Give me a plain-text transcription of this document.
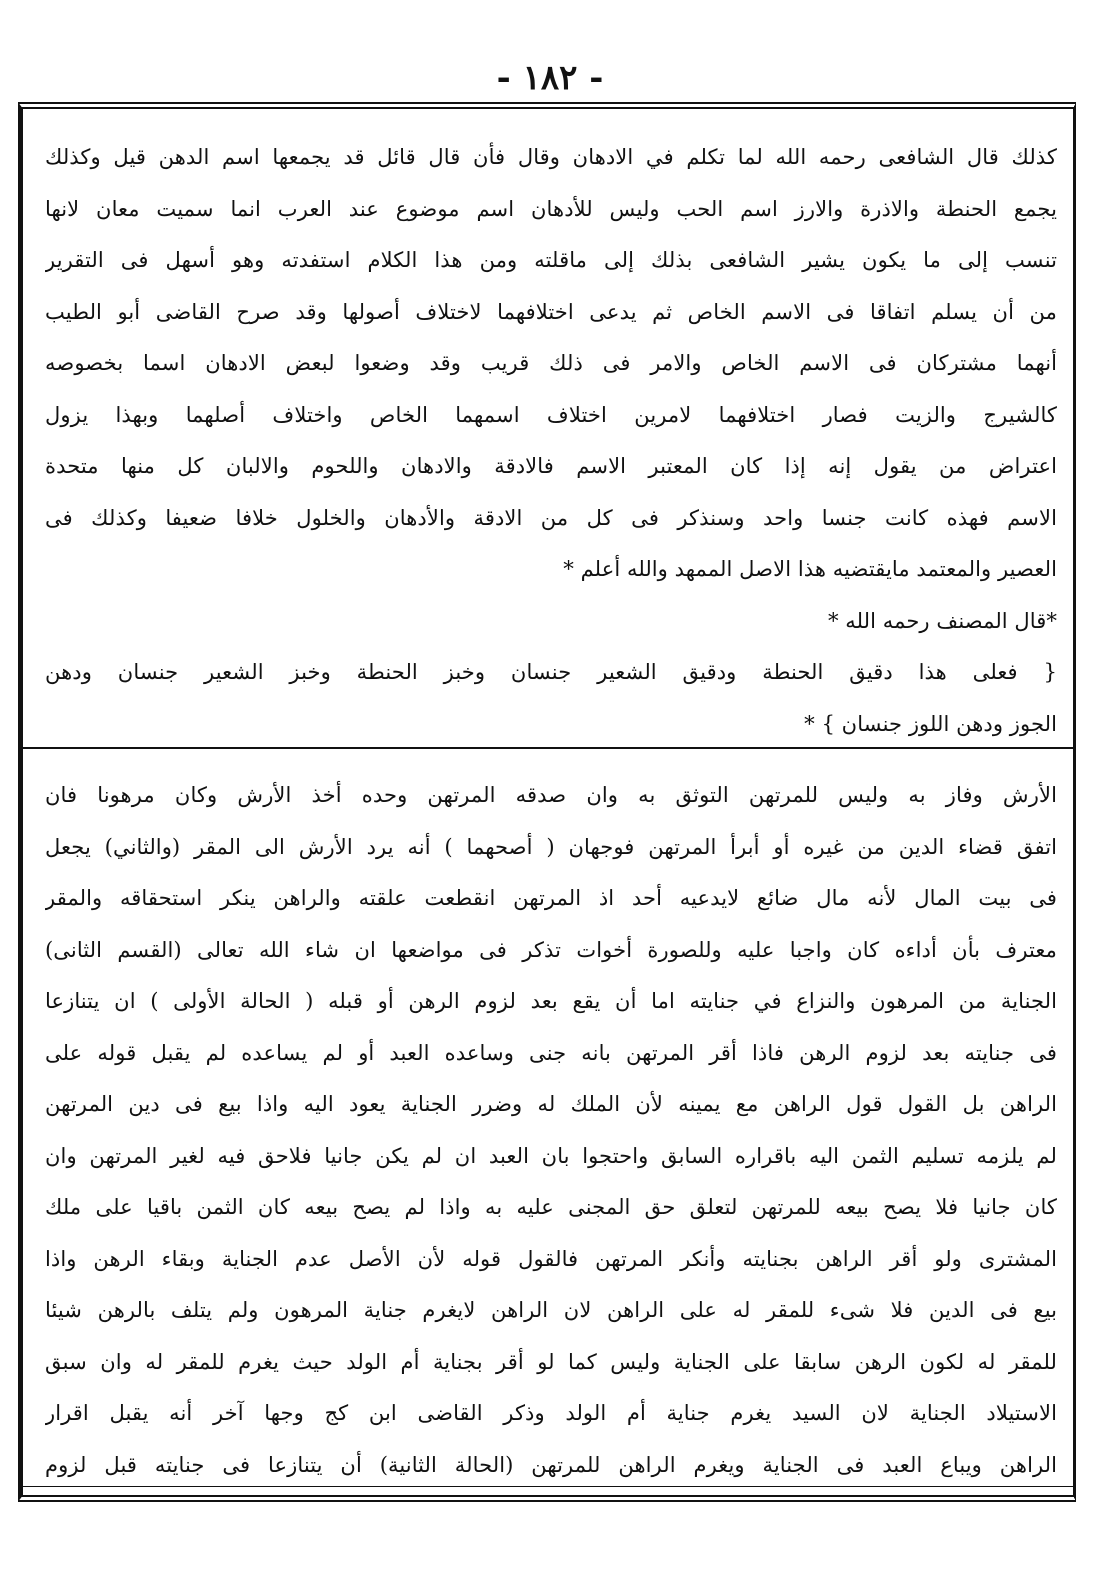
- ١٨٢ -
كذلك قال الشافعى رحمه الله لما تكلم في الادهان وقال فأن قال قائل قد يجمعها اسم الدهن قيل وكذلك
يجمع الحنطة والاذرة والارز اسم الحب وليس للأدهان اسم موضوع عند العرب انما سميت معان لانها
تنسب إلى ما يكون يشير الشافعى بذلك إلى ماقلته ومن هذا الكلام استفدته وهو أسهل فى التقرير
من أن يسلم اتفاقا فى الاسم الخاص ثم يدعى اختلافهما لاختلاف أصولها وقد صرح القاضى أبو الطيب
أنهما مشتركان فى الاسم الخاص والامر فى ذلك قريب وقد وضعوا لبعض الادهان اسما بخصوصه
كالشيرج والزيت فصار اختلافهما لامرين اختلاف اسمهما الخاص واختلاف أصلهما وبهذا يزول
اعتراض من يقول إنه إذا كان المعتبر الاسم فالادقة والادهان واللحوم والالبان كل منها متحدة
الاسم فهذه كانت جنسا واحد وسنذكر فى كل من الادقة والأدهان والخلول خلافا ضعيفا وكذلك فى
العصير والمعتمد مايقتضيه هذا الاصل الممهد والله أعلم *
*قال المصنف رحمه الله *
{ فعلى هذا دقيق الحنطة ودقيق الشعير جنسان وخبز الحنطة وخبز الشعير جنسان ودهن
الجوز ودهن اللوز جنسان } *
الأرش وفاز به وليس للمرتهن التوثق به وان صدقه المرتهن وحده أخذ الأرش وكان مرهونا فان
اتفق قضاء الدين من غيره أو أبرأ المرتهن فوجهان ( أصحهما ) أنه يرد الأرش الى المقر (والثاني) يجعل
فى بيت المال لأنه مال ضائع لايدعيه أحد اذ المرتهن انقطعت علقته والراهن ينكر استحقاقه والمقر
معترف بأن أداءه كان واجبا عليه وللصورة أخوات تذكر فى مواضعها ان شاء الله تعالى (القسم الثانى)
الجناية من المرهون والنزاع في جنايته اما أن يقع بعد لزوم الرهن أو قبله ( الحالة الأولى ) ان يتنازعا
فى جنايته بعد لزوم الرهن فاذا أقر المرتهن بانه جنى وساعده العبد أو لم يساعده لم يقبل قوله على
الراهن بل القول قول الراهن مع يمينه لأن الملك له وضرر الجناية يعود اليه واذا بيع فى دين المرتهن
لم يلزمه تسليم الثمن اليه باقراره السابق واحتجوا بان العبد ان لم يكن جانيا فلاحق فيه لغير المرتهن وان
كان جانيا فلا يصح بيعه للمرتهن لتعلق حق المجنى عليه به واذا لم يصح بيعه كان الثمن باقيا على ملك
المشترى ولو أقر الراهن بجنايته وأنكر المرتهن فالقول قوله لأن الأصل عدم الجناية وبقاء الرهن واذا
بيع فى الدين فلا شىء للمقر له على الراهن لان الراهن لايغرم جناية المرهون ولم يتلف بالرهن شيئا
للمقر له لكون الرهن سابقا على الجناية وليس كما لو أقر بجناية أم الولد حيث يغرم للمقر له وان سبق
الاستيلاد الجناية لان السيد يغرم جناية أم الولد وذكر القاضى ابن كج وجها آخر أنه يقبل اقرار
الراهن ويباع العبد فى الجناية ويغرم الراهن للمرتهن (الحالة الثانية) أن يتنازعا فى جنايته قبل لزوم
